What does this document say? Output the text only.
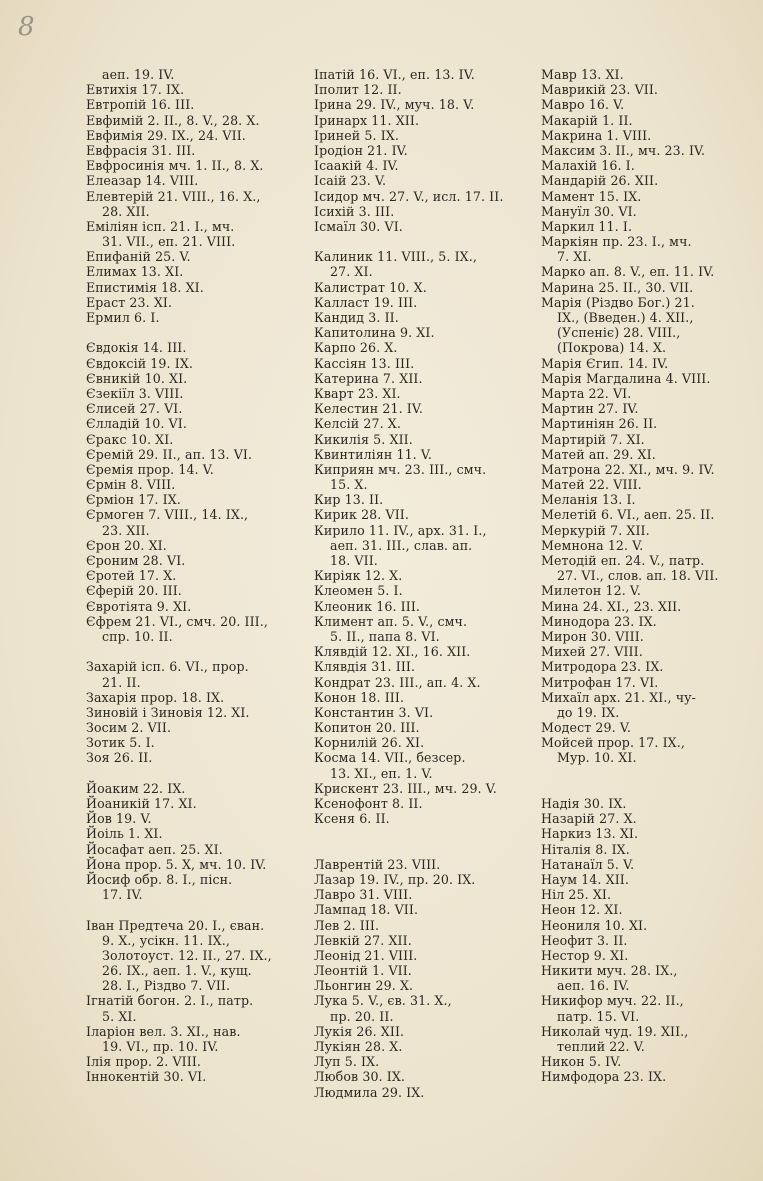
8
аеп. 19. IV.
Евтихія 17. IX.
Евтропій 16. III.
Евфимій 2. II., 8. V., 28. X.
Евфимія 29. IX., 24. VII.
Евфрасія 31. III.
Евфросинія мч. 1. II., 8. X.
Елеазар 14. VIII.
Елевтерій 21. VIII., 16. X.,
28. XII.
Еміліян ісп. 21. I., мч.
31. VII., еп. 21. VIII.
Епифаній 25. V.
Елимах 13. XI.
Епистимія 18. XI.
Ераст 23. XI.
Ермил 6. I.
Євдокія 14. III.
Євдоксій 19. IX.
Євникій 10. XI.
Єзекіїл 3. VIII.
Єлисей 27. VI.
Єлладій 10. VI.
Єракс 10. XI.
Єремій 29. II., ап. 13. VI.
Єремія прор. 14. V.
Єрмін 8. VIII.
Єрміон 17. IX.
Єрмоген 7. VIII., 14. IX.,
23. XII.
Єрон 20. XI.
Єроним 28. VI.
Єротей 17. X.
Єферій 20. III.
Євротіята 9. XI.
Єфрем 21. VI., смч. 20. III.,
спр. 10. II.
Захарій ісп. 6. VI., прор.
21. II.
Захарія прор. 18. IX.
Зиновій і Зиновія 12. XI.
Зосим 2. VII.
Зотик 5. I.
Зоя 26. II.
Йоаким 22. IX.
Йоаникій 17. XI.
Йов 19. V.
Йоіль 1. XI.
Йосафат аеп. 25. XI.
Йона прор. 5. X, мч. 10. IV.
Йосиф обр. 8. I., пісн.
17. IV.
Іван Предтеча 20. I., єван.
9. X., усікн. 11. IX.,
Золотоуст. 12. II., 27. IX.,
26. IX., аеп. 1. V., кущ.
28. I., Різдво 7. VII.
Ігнатій богон. 2. I., патр.
5. XI.
Іларіон вел. 3. XI., нав.
19. VI., пр. 10. IV.
Ілія прор. 2. VIII.
Іннокентій 30. VI.
Іпатій 16. VI., еп. 13. IV.
Іполит 12. II.
Ірина 29. IV., муч. 18. V.
Іринарх 11. XII.
Іриней 5. IX.
Іродіон 21. IV.
Ісаакій 4. IV.
Ісаій 23. V.
Ісидор мч. 27. V., исл. 17. II.
Ісихій 3. III.
Ісмаїл 30. VI.
Калиник 11. VIII., 5. IX.,
27. XI.
Калистрат 10. X.
Калласт 19. III.
Кандид 3. II.
Капитолина 9. XI.
Карпо 26. X.
Кассіян 13. III.
Катерина 7. XII.
Кварт 23. XI.
Келестин 21. IV.
Келсій 27. X.
Кикилія 5. XII.
Квинтиліян 11. V.
Киприян мч. 23. III., смч.
15. X.
Кир 13. II.
Кирик 28. VII.
Кирило 11. IV., арх. 31. I.,
аеп. 31. III., слав. ап.
18. VII.
Киріяк 12. X.
Клеомен 5. I.
Клеоник 16. III.
Климент ап. 5. V., смч.
5. II., папа 8. VI.
Клявдій 12. XI., 16. XII.
Клявдія 31. III.
Кондрат 23. III., ап. 4. X.
Конон 18. III.
Константин 3. VI.
Копитон 20. III.
Корнилій 26. XI.
Косма 14. VII., безсер.
13. XI., еп. 1. V.
Крискент 23. III., мч. 29. V.
Ксенофонт 8. II.
Ксеня 6. II.
Лаврентій 23. VIII.
Лазар 19. IV., пр. 20. IX.
Лавро 31. VIII.
Лампад 18. VII.
Лев 2. III.
Левкій 27. XII.
Леонід 21. VIII.
Леонтій 1. VII.
Льонгин 29. X.
Лука 5. V., єв. 31. X.,
пр. 20. II.
Лукія 26. XII.
Лукіян 28. X.
Луп 5. IX.
Любов 30. IX.
Людмила 29. IX.
Мавр 13. XI.
Маврикій 23. VII.
Мавро 16. V.
Макарій 1. II.
Макрина 1. VIII.
Максим 3. II., мч. 23. IV.
Малахій 16. I.
Мандарій 26. XII.
Мамент 15. IX.
Мануїл 30. VI.
Маркил 11. I.
Маркіян пр. 23. I., мч.
7. XI.
Марко ап. 8. V., еп. 11. IV.
Марина 25. II., 30. VII.
Марія (Різдво Бог.) 21.
IX., (Введен.) 4. XII.,
(Успеніє) 28. VIII.,
(Покрова) 14. X.
Марія Єгип. 14. IV.
Марія Магдалина 4. VIII.
Марта 22. VI.
Мартин 27. IV.
Мартиніян 26. II.
Мартирій 7. XI.
Матей ап. 29. XI.
Матрона 22. XI., мч. 9. IV.
Матей 22. VIII.
Меланія 13. I.
Мелетій 6. VI., аеп. 25. II.
Меркурій 7. XII.
Мемнона 12. V.
Методій еп. 24. V., патр.
27. VI., слов. ап. 18. VII.
Милетон 12. V.
Мина 24. XI., 23. XII.
Минодора 23. IX.
Мирон 30. VIII.
Михей 27. VIII.
Митродора 23. IX.
Митрофан 17. VI.
Михаїл арх. 21. XI., чу-
до 19. IX.
Модест 29. V.
Мойсей прор. 17. IX.,
Мур. 10. XI.
Надія 30. IX.
Назарій 27. X.
Наркиз 13. XI.
Ніталія 8. IX.
Натанаїл 5. V.
Наум 14. XII.
Ніл 25. XI.
Неон 12. XI.
Неониля 10. XI.
Неофит 3. II.
Нестор 9. XI.
Никити муч. 28. IX.,
аеп. 16. IV.
Никифор муч. 22. II.,
патр. 15. VI.
Николай чуд. 19. XII.,
теплий 22. V.
Никон 5. IV.
Нимфодора 23. IX.
